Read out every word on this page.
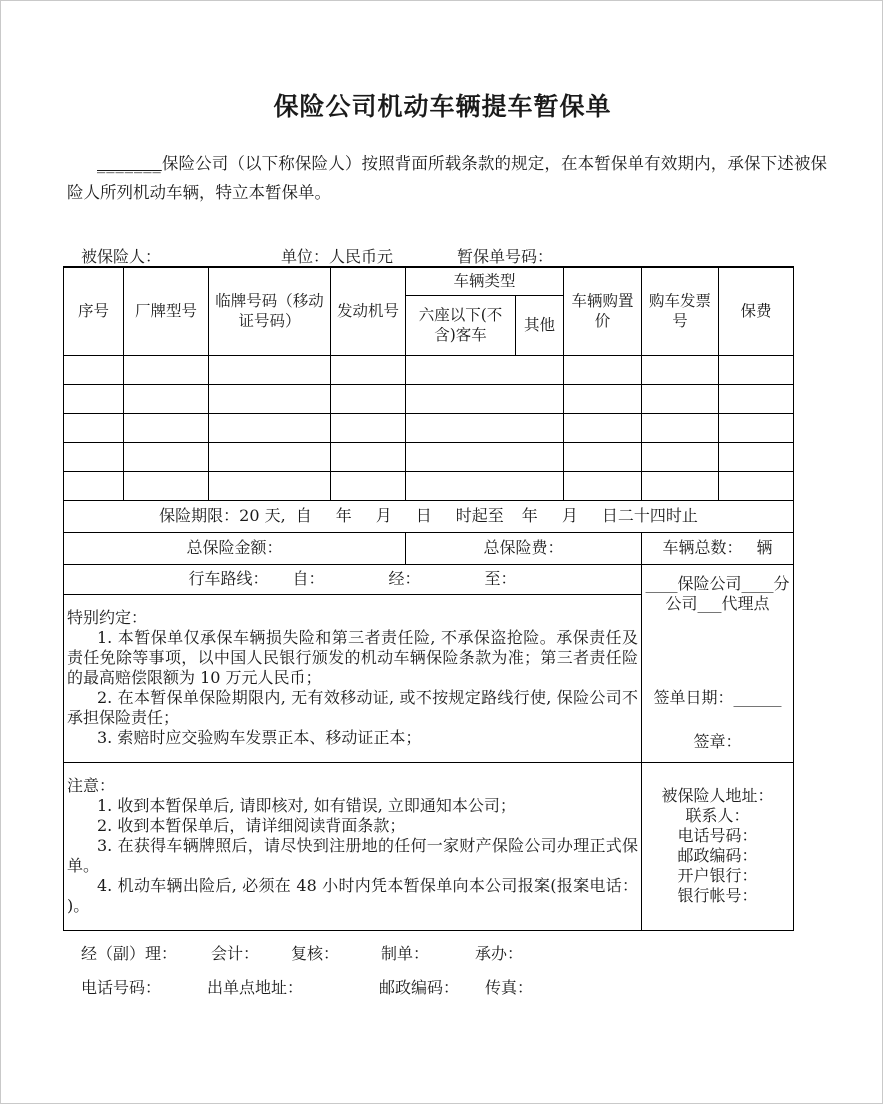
保险公司机动车辆提车暂保单
_______保险公司（以下称保险人）按照背面所载条款的规定，在本暂保单有效期内，承保下述被保险人所列机动车辆，特立本暂保单。
被保险人：	单位：人民币元	暂保单号码：
序号	厂牌型号	临牌号码（移动证号码）	发动机号	车辆类型		车辆购置价	购车发票号	保费
				六座以下(不含)客车	其他			

保险期限：20 天, 自 年 月 日 时起至 年 月 日二十四时止								
总保险金额：				总保险费：			车辆总数： 辆	
行车路线： 自： 经： 至：							____保险公司____分公司___代理点
签单日期：______
签章：	

特别约定：

1. 本暂保单仅承保车辆损失险和第三者责任险, 不承保盗抢险。承保责任及责任免除等事项，以中国人民银行颁发的机动车辆保险条款为准；第三者责任险的最高赔偿限额为 10 万元人民币；

2. 在本暂保单保险期限内, 无有效移动证, 或不按规定路线行使, 保险公司不承担保险责任；

3. 索赔时应交验购车发票正本、移动证正本；								

注意：

1. 收到本暂保单后, 请即核对, 如有错误, 立即通知本公司；

2. 收到本暂保单后，请详细阅读背面条款；

3. 在获得车辆牌照后，请尽快到注册地的任何一家财产保险公司办理正式保单。

4. 机动车辆出险后, 必须在 48 小时内凭本暂保单向本公司报案(报案电话： )。

被保险人地址：
联系人：
电话号码：
邮政编码：
开户银行：
银行帐号：
经（副）理： 会计： 复核：	制单：	承办：
电话号码：	出单点地址：	邮政编码： 传真：
